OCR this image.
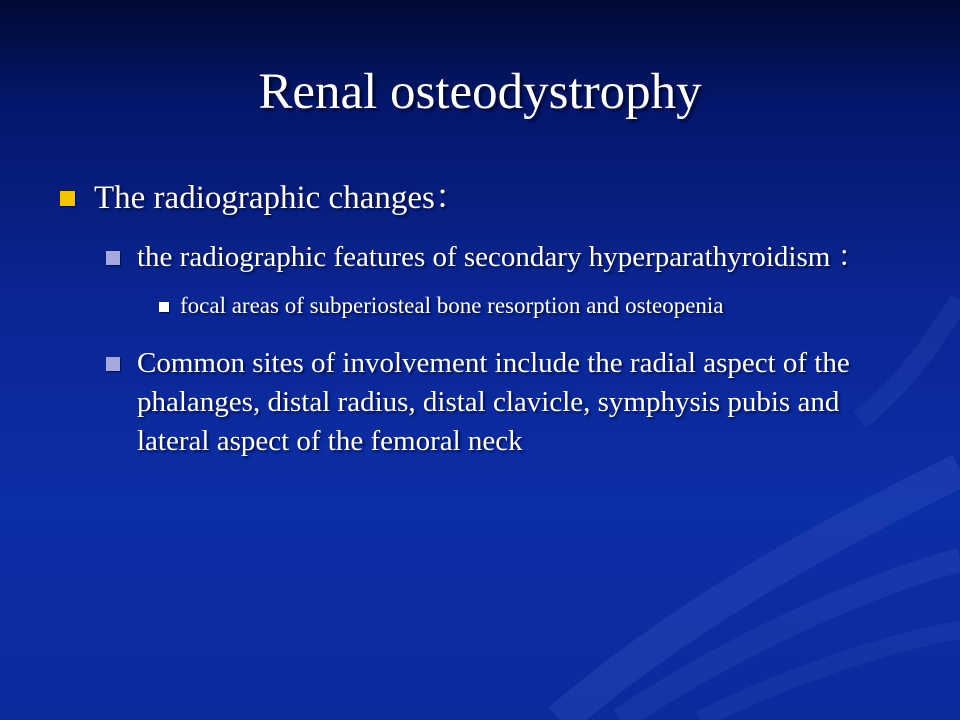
Renal osteodystrophy
The radiographic changes：
the radiographic features of secondary hyperparathyroidism ：
focal areas of subperiosteal bone resorption and osteopenia
Common sites of involvement include the radial aspect of the phalanges, distal radius, distal clavicle, symphysis pubis and lateral aspect of the femoral neck
